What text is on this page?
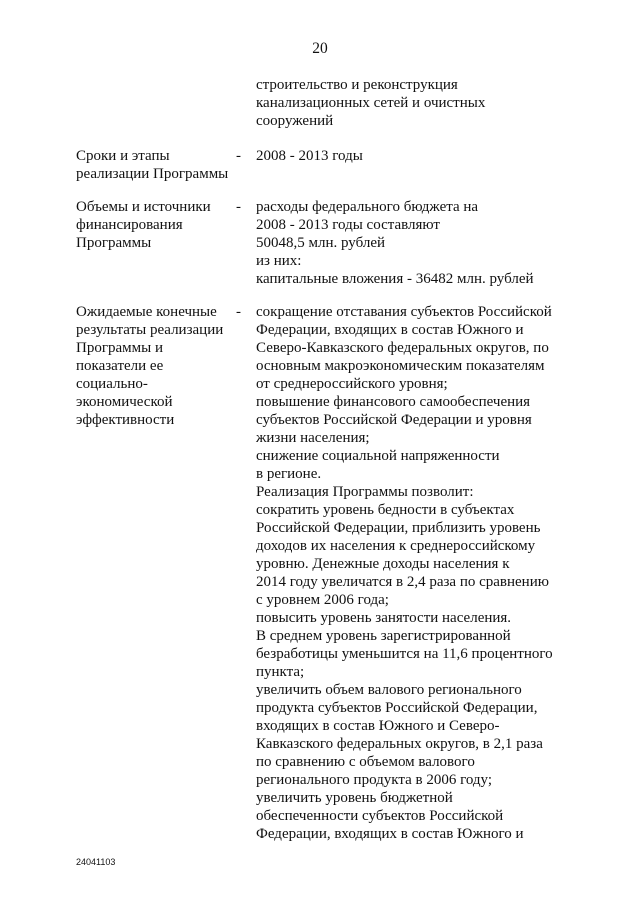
20
строительство и реконструкция
канализационных сетей и очистных
сооружений
Сроки и этапы
реализации Программы
- 2008 - 2013 годы
Объемы и источники
финансирования
Программы
- расходы федерального бюджета на
2008 - 2013 годы составляют
50048,5 млн. рублей
из них:
капитальные вложения - 36482 млн. рублей
Ожидаемые конечные
результаты реализации
Программы и
показатели ее
социально-
экономической
эффективности
- сокращение отставания субъектов Российской
Федерации, входящих в состав Южного и
Северо-Кавказского федеральных округов, по
основным макроэкономическим показателям
от среднероссийского уровня;
повышение финансового самообеспечения
субъектов Российской Федерации и уровня
жизни населения;
снижение социальной напряженности
в регионе.
Реализация Программы позволит:
сократить уровень бедности в субъектах
Российской Федерации, приблизить уровень
доходов их населения к среднероссийскому
уровню. Денежные доходы населения к
2014 году увеличатся в 2,4 раза по сравнению
с уровнем 2006 года;
повысить уровень занятости населения.
В среднем уровень зарегистрированной
безработицы уменьшится на 11,6 процентного
пункта;
увеличить объем валового регионального
продукта субъектов Российской Федерации,
входящих в состав Южного и Северо-
Кавказского федеральных округов, в 2,1 раза
по сравнению с объемом валового
регионального продукта в 2006 году;
увеличить уровень бюджетной
обеспеченности субъектов Российской
Федерации, входящих в состав Южного и
24041103
